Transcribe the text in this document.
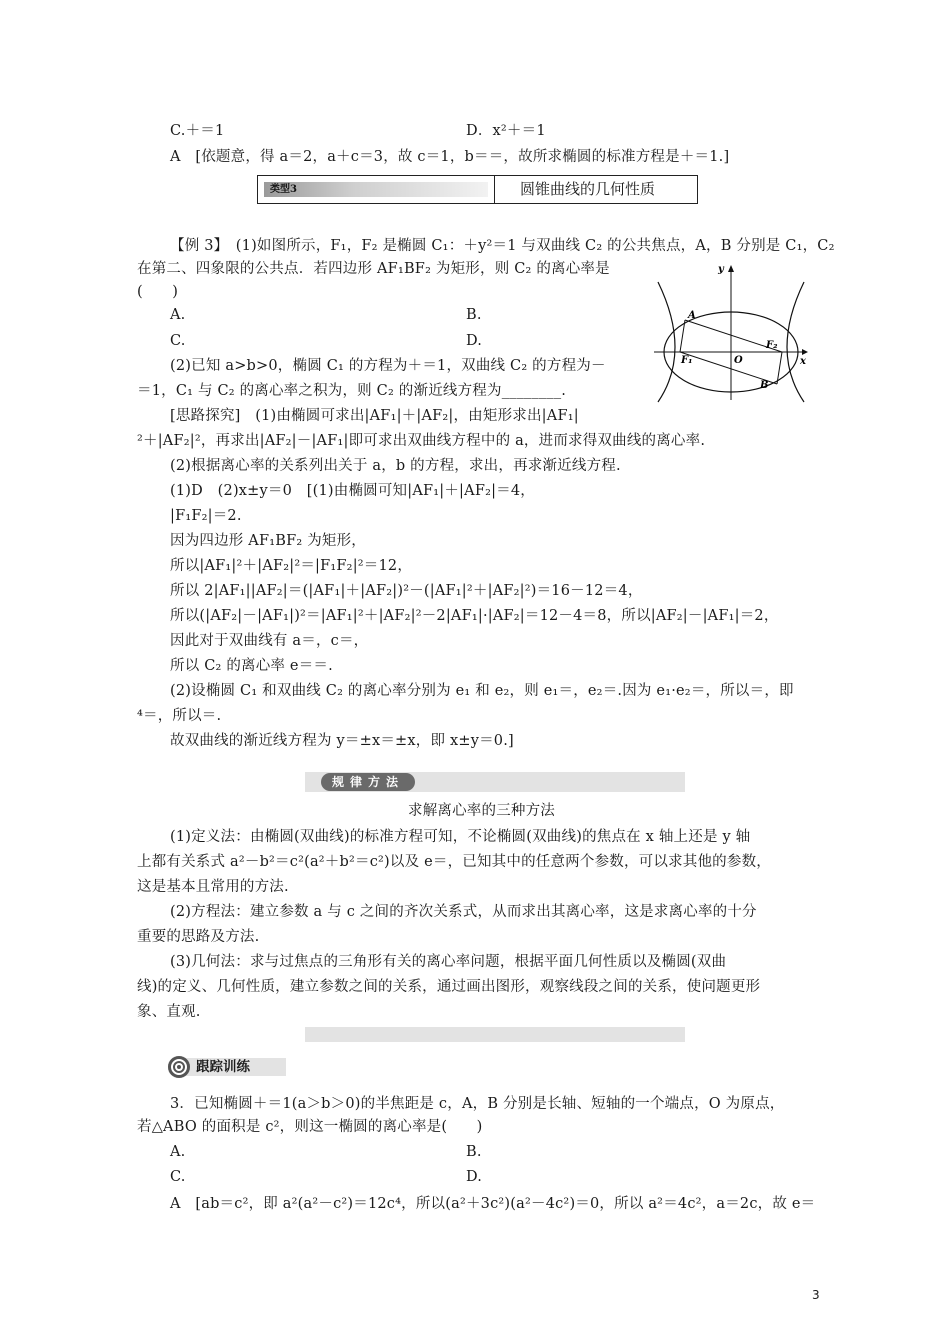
C.＋＝1	D．x²＋＝1
A　[依题意，得 a＝2，a＋c＝3，故 c＝1，b＝＝，故所求椭圆的标准方程是＋＝1.]
类型3	圆锥曲线的几何性质
【例 3】　(1)如图所示，F₁，F₂ 是椭圆 C₁：＋y²＝1 与双曲线 C₂ 的公共焦点，A，B 分别是 C₁，C₂
在第二、四象限的公共点．若四边形 AF₁BF₂ 为矩形，则 C₂ 的离心率是
(　　)
A.	B.
C.	D.
(2)已知 a>b>0，椭圆 C₁ 的方程为＋＝1，双曲线 C₂ 的方程为－
＝1，C₁ 与 C₂ 的离心率之积为，则 C₂ 的渐近线方程为________.
[思路探究]　(1)由椭圆可求出|AF₁|＋|AF₂|，由矩形求出|AF₁|
²＋|AF₂|²，再求出|AF₂|－|AF₁|即可求出双曲线方程中的 a，进而求得双曲线的离心率.
(2)根据离心率的关系列出关于 a，b 的方程，求出，再求渐近线方程.
(1)D　(2)x±y＝0　[(1)由椭圆可知|AF₁|＋|AF₂|＝4，
|F₁F₂|＝2.
因为四边形 AF₁BF₂ 为矩形，
所以|AF₁|²＋|AF₂|²＝|F₁F₂|²＝12，
所以 2|AF₁||AF₂|＝(|AF₁|＋|AF₂|)²－(|AF₁|²＋|AF₂|²)＝16－12＝4，
所以(|AF₂|－|AF₁|)²＝|AF₁|²＋|AF₂|²－2|AF₁|·|AF₂|＝12－4＝8，所以|AF₂|－|AF₁|＝2，
因此对于双曲线有 a＝，c＝，
所以 C₂ 的离心率 e＝＝.
(2)设椭圆 C₁ 和双曲线 C₂ 的离心率分别为 e₁ 和 e₂，则 e₁＝，e₂＝.因为 e₁·e₂＝，所以＝，即
⁴＝，所以＝.
故双曲线的渐近线方程为 y＝±x＝±x，即 x±y＝0.]
y
x
A
B
F₁
F₂
O
规律方法
求解离心率的三种方法
(1)定义法：由椭圆(双曲线)的标准方程可知，不论椭圆(双曲线)的焦点在 x 轴上还是 y 轴
上都有关系式 a²－b²＝c²(a²＋b²＝c²)以及 e＝，已知其中的任意两个参数，可以求其他的参数，
这是基本且常用的方法.
(2)方程法：建立参数 a 与 c 之间的齐次关系式，从而求出其离心率，这是求离心率的十分
重要的思路及方法.
(3)几何法：求与过焦点的三角形有关的离心率问题，根据平面几何性质以及椭圆(双曲
线)的定义、几何性质，建立参数之间的关系，通过画出图形，观察线段之间的关系，使问题更形
象、直观.
跟踪训练
3．已知椭圆＋＝1(a＞b＞0)的半焦距是 c，A，B 分别是长轴、短轴的一个端点，O 为原点，
若△ABO 的面积是 c²，则这一椭圆的离心率是(　　)
A.	B.
C.	D.
A　[ab＝c²，即 a²(a²－c²)＝12c⁴，所以(a²＋3c²)(a²－4c²)＝0，所以 a²＝4c²，a＝2c，故 e＝
3
